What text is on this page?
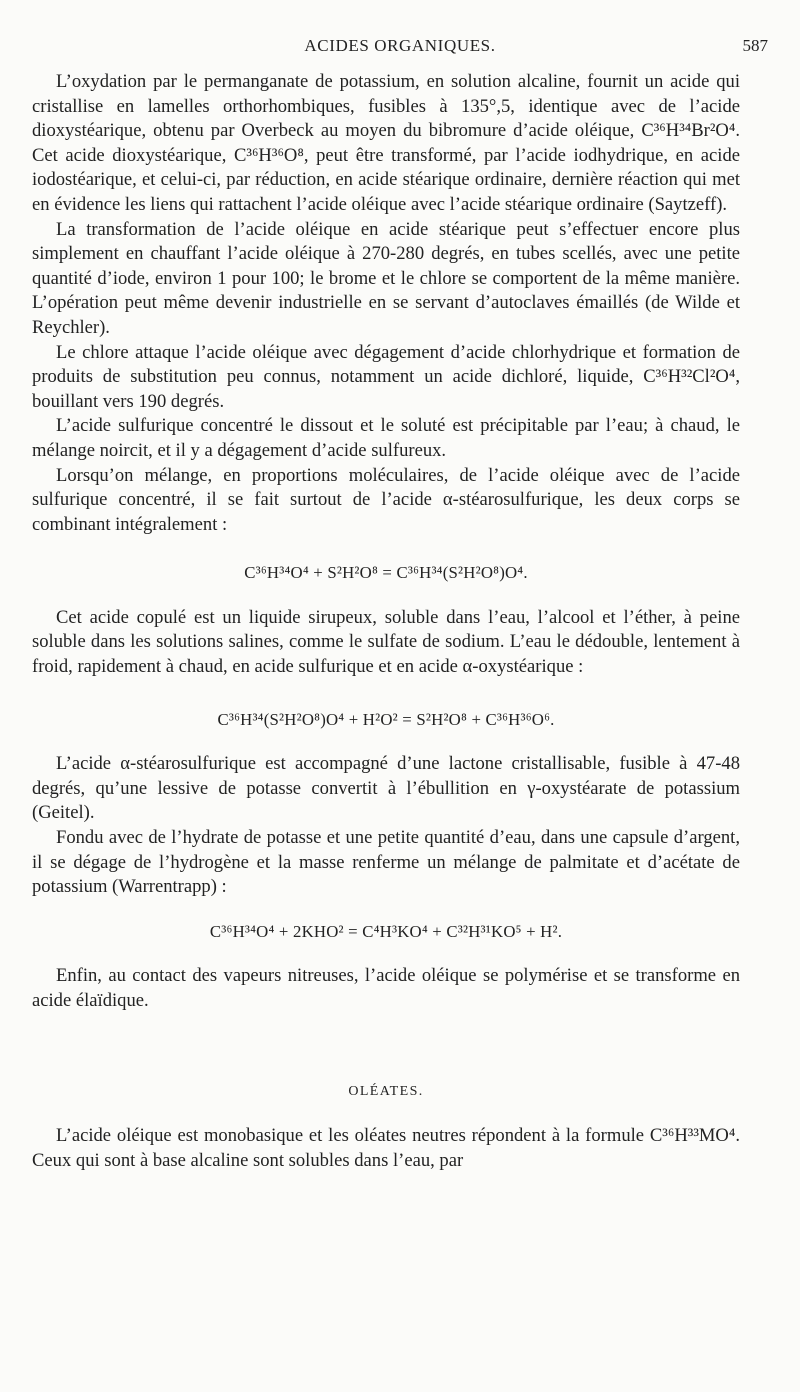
ACIDES ORGANIQUES.	587

L’oxydation par le permanganate de potassium, en solution alcaline, fournit un acide qui cristallise en lamelles orthorhombiques, fusibles à 135°,5, identique avec de l’acide dioxystéarique, obtenu par Overbeck au moyen du bibromure d’acide oléique, C³⁶H³⁴Br²O⁴. Cet acide dioxystéarique, C³⁶H³⁶O⁸, peut être transformé, par l’acide iodhydrique, en acide iodostéarique, et celui-ci, par réduction, en acide stéarique ordinaire, dernière réaction qui met en évidence les liens qui rattachent l’acide oléique avec l’acide stéarique ordinaire (Saytzeff).

La transformation de l’acide oléique en acide stéarique peut s’effectuer encore plus simplement en chauffant l’acide oléique à 270-280 degrés, en tubes scellés, avec une petite quantité d’iode, environ 1 pour 100; le brome et le chlore se comportent de la même manière. L’opération peut même devenir industrielle en se servant d’autoclaves émaillés (de Wilde et Reychler).

Le chlore attaque l’acide oléique avec dégagement d’acide chlorhydrique et formation de produits de substitution peu connus, notamment un acide dichloré, liquide, C³⁶H³²Cl²O⁴, bouillant vers 190 degrés.

L’acide sulfurique concentré le dissout et le soluté est précipitable par l’eau; à chaud, le mélange noircit, et il y a dégagement d’acide sulfureux.

Lorsqu’on mélange, en proportions moléculaires, de l’acide oléique avec de l’acide sulfurique concentré, il se fait surtout de l’acide α-stéarosulfurique, les deux corps se combinant intégralement :

C³⁶H³⁴O⁴ + S²H²O⁸ = C³⁶H³⁴(S²H²O⁸)O⁴.

Cet acide copulé est un liquide sirupeux, soluble dans l’eau, l’alcool et l’éther, à peine soluble dans les solutions salines, comme le sulfate de sodium. L’eau le dédouble, lentement à froid, rapidement à chaud, en acide sulfurique et en acide α-oxystéarique :

C³⁶H³⁴(S²H²O⁸)O⁴ + H²O² = S²H²O⁸ + C³⁶H³⁶O⁶.

L’acide α-stéarosulfurique est accompagné d’une lactone cristallisable, fusible à 47-48 degrés, qu’une lessive de potasse convertit à l’ébullition en γ-oxystéarate de potassium (Geitel).

Fondu avec de l’hydrate de potasse et une petite quantité d’eau, dans une capsule d’argent, il se dégage de l’hydrogène et la masse renferme un mélange de palmitate et d’acétate de potassium (Warrentrapp) :

C³⁶H³⁴O⁴ + 2KHO² = C⁴H³KO⁴ + C³²H³¹KO⁵ + H².

Enfin, au contact des vapeurs nitreuses, l’acide oléique se polymérise et se transforme en acide élaïdique.

OLÉATES.

L’acide oléique est monobasique et les oléates neutres répondent à la formule C³⁶H³³MO⁴. Ceux qui sont à base alcaline sont solubles dans l’eau, par
